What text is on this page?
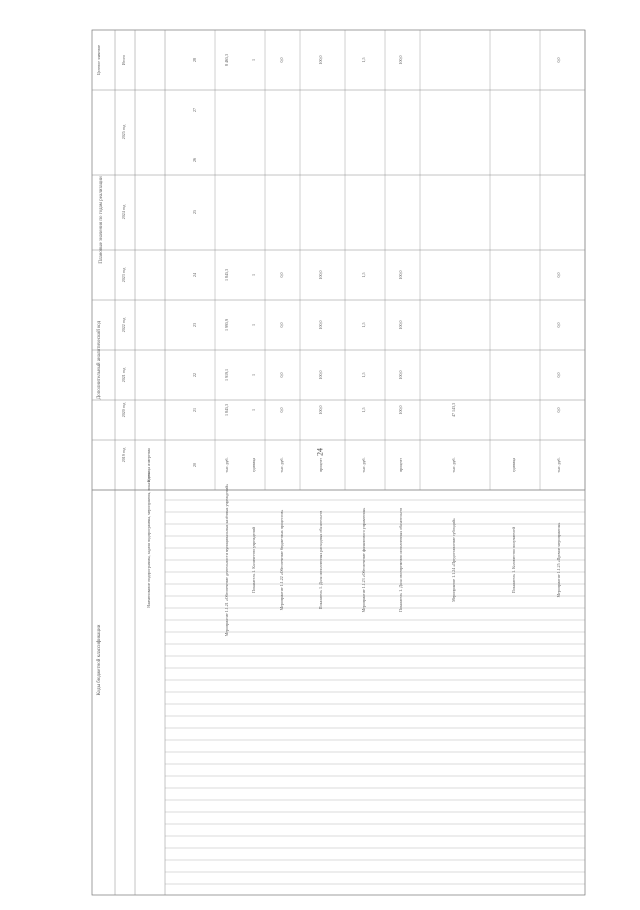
24
Коды бюджетной классификации
Дополнительный аналитический код
Плановые значения по годам реализации
Целевое значение
Наименование подпрограммы, задачи подпрограммы, мероприятия, показателя
Единица измерения
2019 год
2020 год
2021 год
2022 год
2023 год
2024 год
2025 год
Итого
20
21
22
23
24
25
26
27
28
Мероприятие 1.1.21 «Обеспечение деятельности муниципальных казённых учреждений»
тыс. руб.
1 845,3
1 919,1
1 995,9
1 845,3
8 465,3
Показатель 1. Количество учреждений
единица
1
1
1
1
1
Мероприятие 1.1.22 «Обеспечение бюджетных процессов»
тыс. руб.
0,0
0,0
0,0
0,0
0,0
Показатель 1. Доля исполненных расходных обязательств
процент
100,0
100,0
100,0
100,0
100,0
Мероприятие 1.1.23 «Обеспечение финансового управления»
тыс. руб.
1,5
1,5
1,5
1,5
1,5
Показатель 1. Доля своевременно исполненных обязательств
процент
100,0
100,0
100,0
100,0
100,0
Мероприятие 1.1.24 «Предоставление субсидий»
тыс. руб.
47 143,3
Показатель 1. Количество получателей
единица
Мероприятие 1.1.25 «Прочие мероприятия»
тыс. руб.
0,0
0,0
0,0
0,0
0,0
